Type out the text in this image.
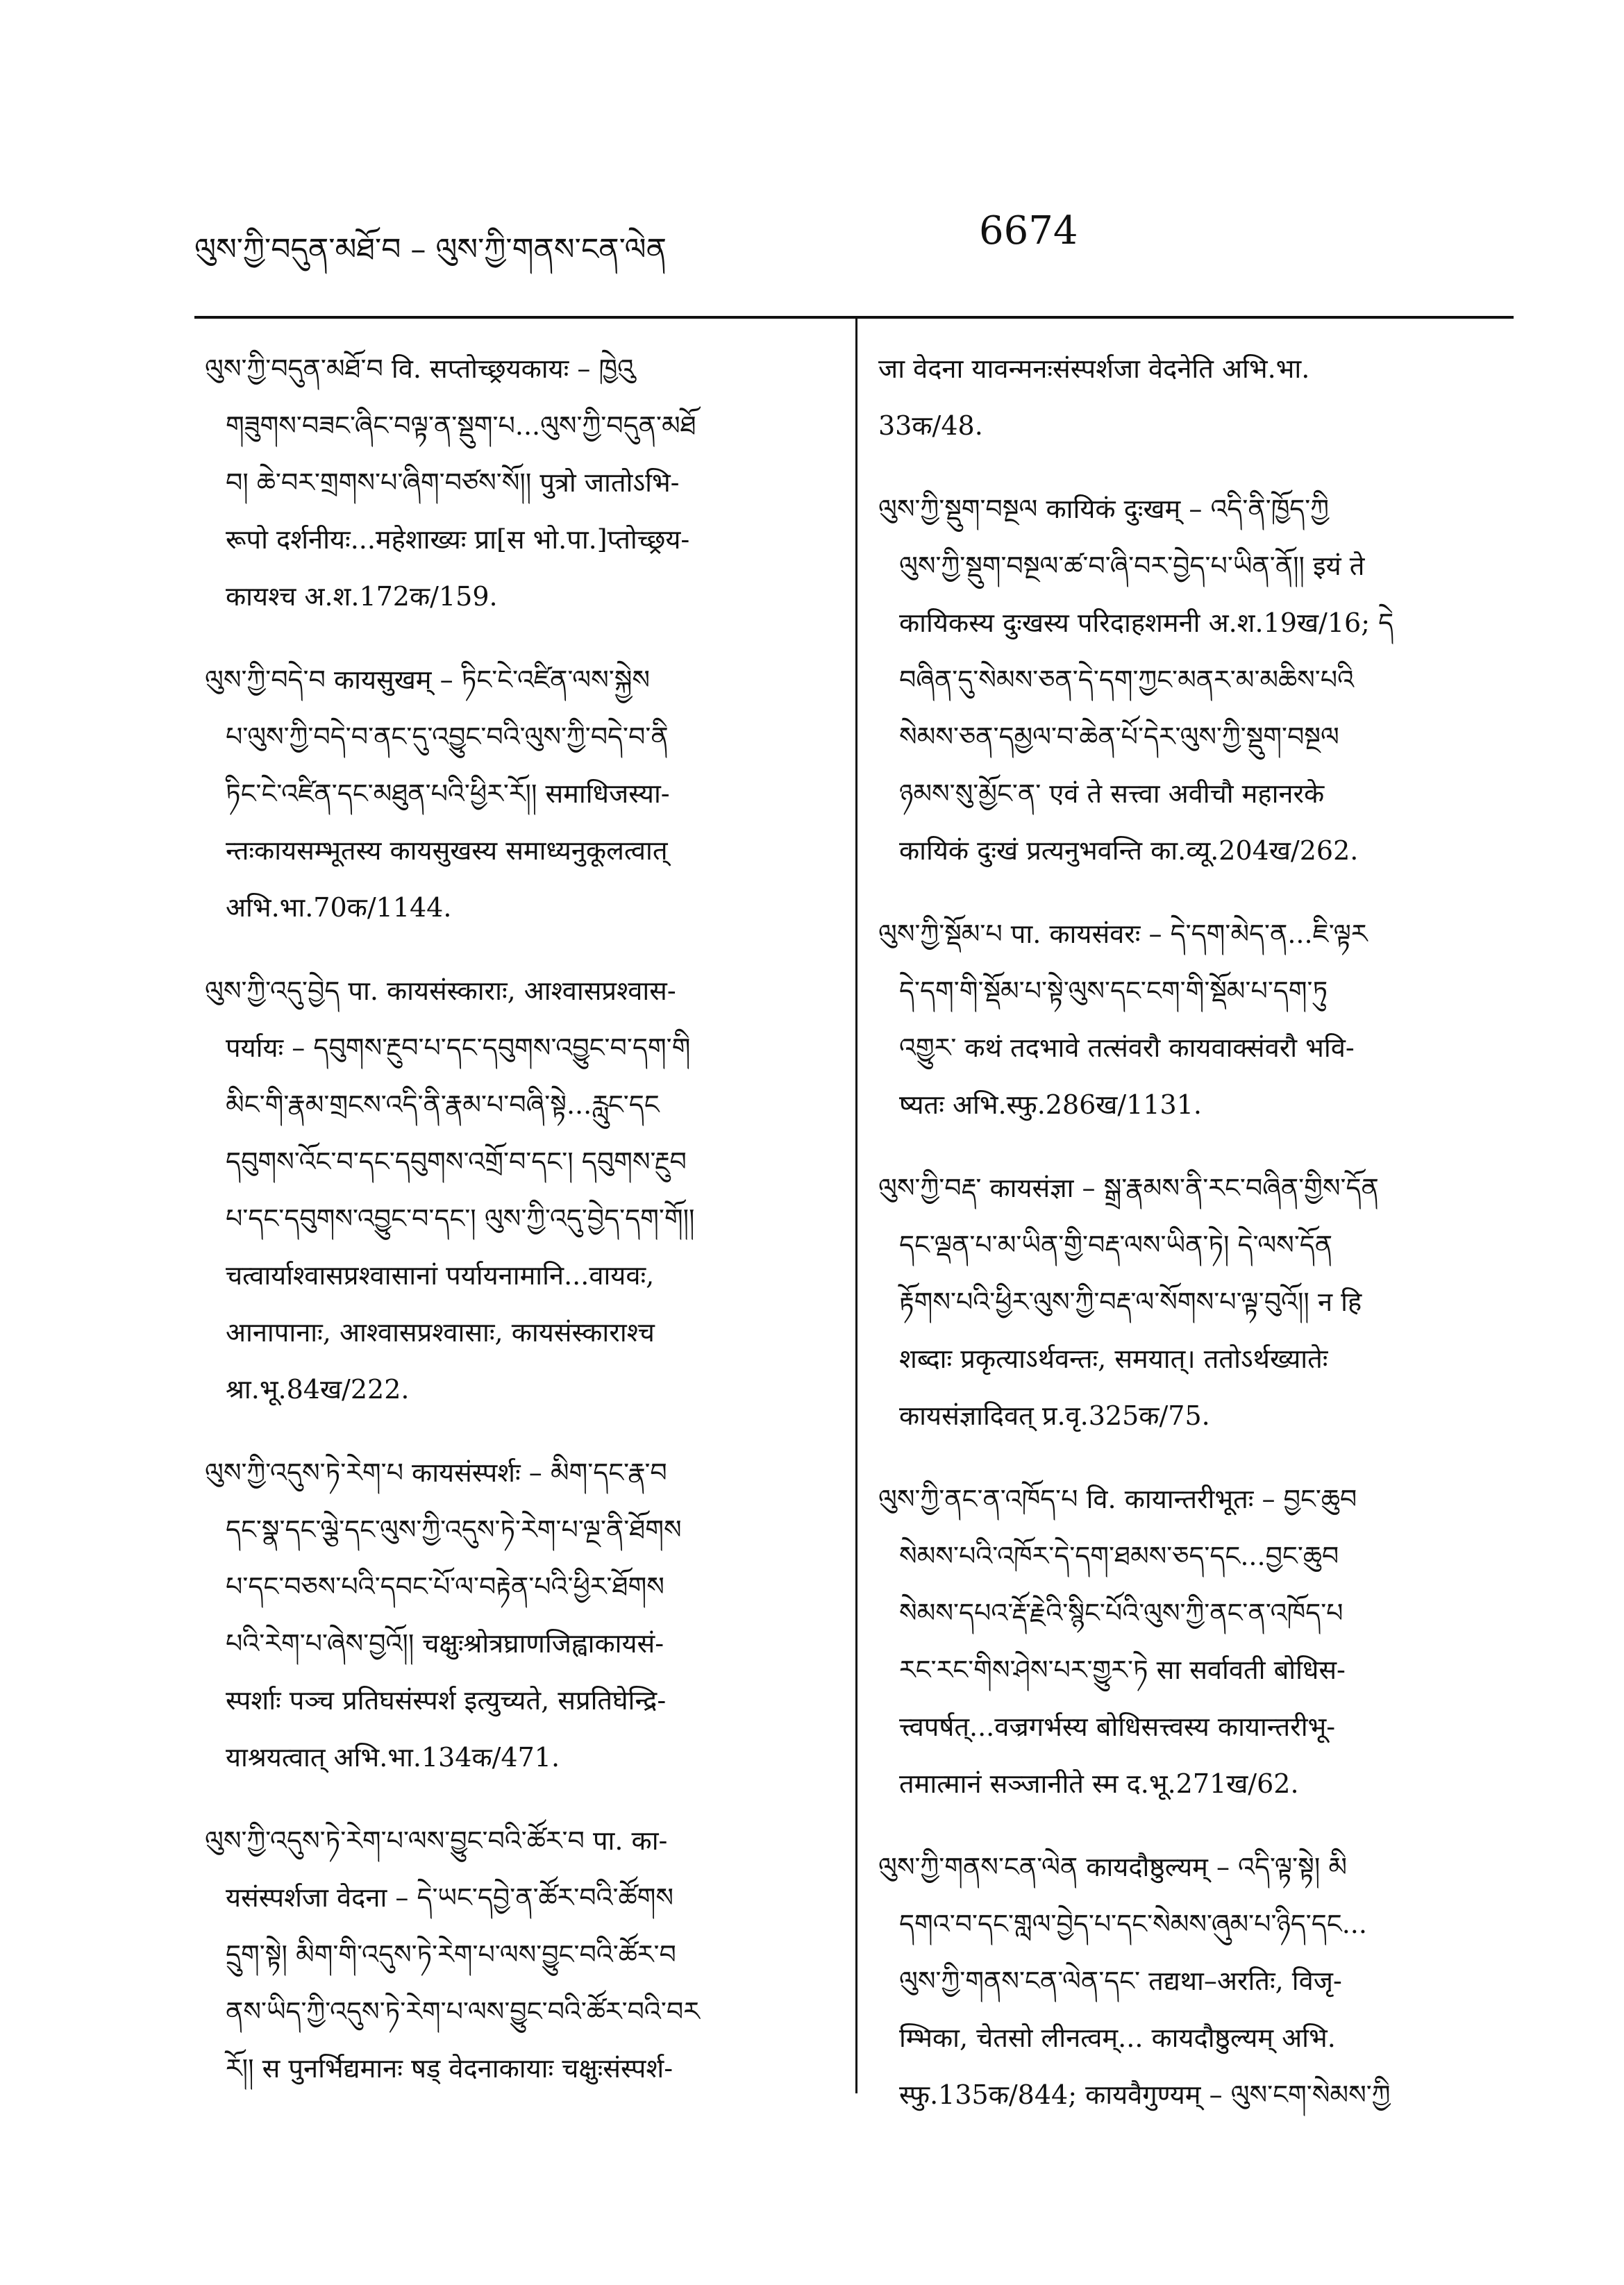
ལུས་ཀྱི་བདུན་མཐོ་བ – ལུས་ཀྱི་གནས་ངན་ལེན	6674
ལུས་ཀྱི་བདུན་མཐོ་བ वि. सप्तोच्छ्रयकायः – ཁྱེའུ
གཟུགས་བཟང་ཞིང་བལྟ་ན་སྡུག་པ...ལུས་ཀྱི་བདུན་མཐོ
བ། ཆེ་བར་གྲགས་པ་ཞིག་བཙས་སོ།། पुत्रो जातोऽभि-
रूपो दर्शनीयः...महेशाख्यः प्रा[स भो.पा.]प्तोच्छ्रय-
कायश्च अ.श.172क/159.
ལུས་ཀྱི་བདེ་བ कायसुखम् – ཏིང་ངེ་འཛིན་ལས་སྐྱེས
པ་ལུས་ཀྱི་བདེ་བ་ནང་དུ་འབྱུང་བའི་ལུས་ཀྱི་བདེ་བ་ནི
ཏིང་ངེ་འཛིན་དང་མཐུན་པའི་ཕྱིར་རོ།། समाधिजस्या-
न्तःकायसम्भूतस्य कायसुखस्य समाध्यनुकूलत्वात्
अभि.भा.70क/1144.
ལུས་ཀྱི་འདུ་བྱེད पा. कायसंस्काराः, आश्वासप्रश्वास-
पर्यायः – དབུགས་རྔུབ་པ་དང་དབུགས་འབྱུང་བ་དག་གི
མིང་གི་རྣམ་གྲངས་འདི་ནི་རྣམ་པ་བཞི་སྟེ...རླུང་དང
དབུགས་འོང་བ་དང་དབུགས་འགྲོ་བ་དང་། དབུགས་རྔུབ
པ་དང་དབུགས་འབྱུང་བ་དང་། ལུས་ཀྱི་འདུ་བྱེད་དག་གོ།།
चत्वार्याश्वासप्रश्वासानां पर्यायनामानि...वायवः,
आनापानाः, आश्वासप्रश्वासाः, कायसंस्काराश्च
श्रा.भू.84ख/222.
ལུས་ཀྱི་འདུས་ཏེ་རེག་པ कायसंस्पर्शः – མིག་དང་རྣ་བ
དང་སྣ་དང་ལྕེ་དང་ལུས་ཀྱི་འདུས་ཏེ་རེག་པ་ལྔ་ནི་ཐོགས
པ་དང་བཅས་པའི་དབང་པོ་ལ་བརྟེན་པའི་ཕྱིར་ཐོགས
པའི་རེག་པ་ཞེས་བྱའོ།། चक्षुःश्रोत्रघ्राणजिह्वाकायसं-
स्पर्शाः पञ्च प्रतिघसंस्पर्श इत्युच्यते, सप्रतिघेन्द्रि-
याश्रयत्वात् अभि.भा.134क/471.
ལུས་ཀྱི་འདུས་ཏེ་རེག་པ་ལས་བྱུང་བའི་ཚོར་བ पा. का-
यसंस्पर्शजा वेदना – དེ་ཡང་དབྱེ་ན་ཚོར་བའི་ཚོགས
དྲུག་སྟེ། མིག་གི་འདུས་ཏེ་རེག་པ་ལས་བྱུང་བའི་ཚོར་བ
ནས་ཡིད་ཀྱི་འདུས་ཏེ་རེག་པ་ལས་བྱུང་བའི་ཚོར་བའི་བར
རོ།། स पुनर्भिद्यमानः षड् वेदनाकायाः चक्षुःसंस्पर्श-
जा वेदना यावन्मनःसंस्पर्शजा वेदनेति अभि.भा.
33क/48.
ལུས་ཀྱི་སྡུག་བསྔལ कायिकं दुःखम् – འདི་ནི་ཁྱོད་ཀྱི
ལུས་ཀྱི་སྡུག་བསྔལ་ཚ་བ་ཞི་བར་བྱེད་པ་ཡིན་ནོ།། इयं ते
कायिकस्य दुःखस्य परिदाहशमनी अ.श.19ख/16; དེ
བཞིན་དུ་སེམས་ཅན་དེ་དག་ཀྱང་མནར་མ་མཆིས་པའི
སེམས་ཅན་དམྱལ་བ་ཆེན་པོ་དེར་ལུས་ཀྱི་སྡུག་བསྔལ
ཉམས་སུ་མྱོང་ན་ एवं ते सत्त्वा अवीचौ महानरके
कायिकं दुःखं प्रत्यनुभवन्ति का.व्यू.204ख/262.
ལུས་ཀྱི་སྡོམ་པ पा. कायसंवरः – དེ་དག་མེད་ན...ཇི་ལྟར
དེ་དག་གི་སྡོམ་པ་སྟེ་ལུས་དང་ངག་གི་སྡོམ་པ་དག་ཏུ
འགྱུར་ कथं तदभावे तत्संवरौ कायवाक्संवरौ भवि-
ष्यतः अभि.स्फु.286ख/1131.
ལུས་ཀྱི་བརྡ་ कायसंज्ञा – སྒྲ་རྣམས་ནི་རང་བཞིན་གྱིས་དོན
དང་ལྡན་པ་མ་ཡིན་གྱི་བརྡ་ལས་ཡིན་ཏེ། དེ་ལས་དོན
རྟོགས་པའི་ཕྱིར་ལུས་ཀྱི་བརྡ་ལ་སོགས་པ་ལྟ་བུའོ།། न हि
शब्दाः प्रकृत्याऽर्थवन्तः, समयात्। ततोऽर्थख्यातेः
कायसंज्ञादिवत् प्र.वृ.325क/75.
ལུས་ཀྱི་ནང་ན་འཁོད་པ वि. कायान्तरीभूतः – བྱང་ཆུབ
སེམས་པའི་འཁོར་དེ་དག་ཐམས་ཅད་དང...བྱང་ཆུབ
སེམས་དཔའ་རྡོ་རྗེའི་སྙིང་པོའི་ལུས་ཀྱི་ནང་ན་འཁོད་པ
རང་རང་གིས་ཤེས་པར་གྱུར་ཏེ सा सर्वावती बोधिस-
त्त्वपर्षत्...वज्रगर्भस्य बोधिसत्त्वस्य कायान्तरीभू-
तमात्मानं सञ्जानीते स्म द.भू.271ख/62.
ལུས་ཀྱི་གནས་ངན་ལེན कायदौष्ठुल्यम् – འདི་ལྟ་སྟེ། མི
དགའ་བ་དང་གླལ་བྱེད་པ་དང་སེམས་ཞུམ་པ་ཉིད་དང...
ལུས་ཀྱི་གནས་ངན་ལེན་དང་ तद्यथा–अरतिः, विजृ-
म्भिका, चेतसो लीनत्वम्... कायदौष्ठुल्यम् अभि.
स्फु.135क/844; कायवैगुण्यम् – ལུས་ངག་སེམས་ཀྱི
